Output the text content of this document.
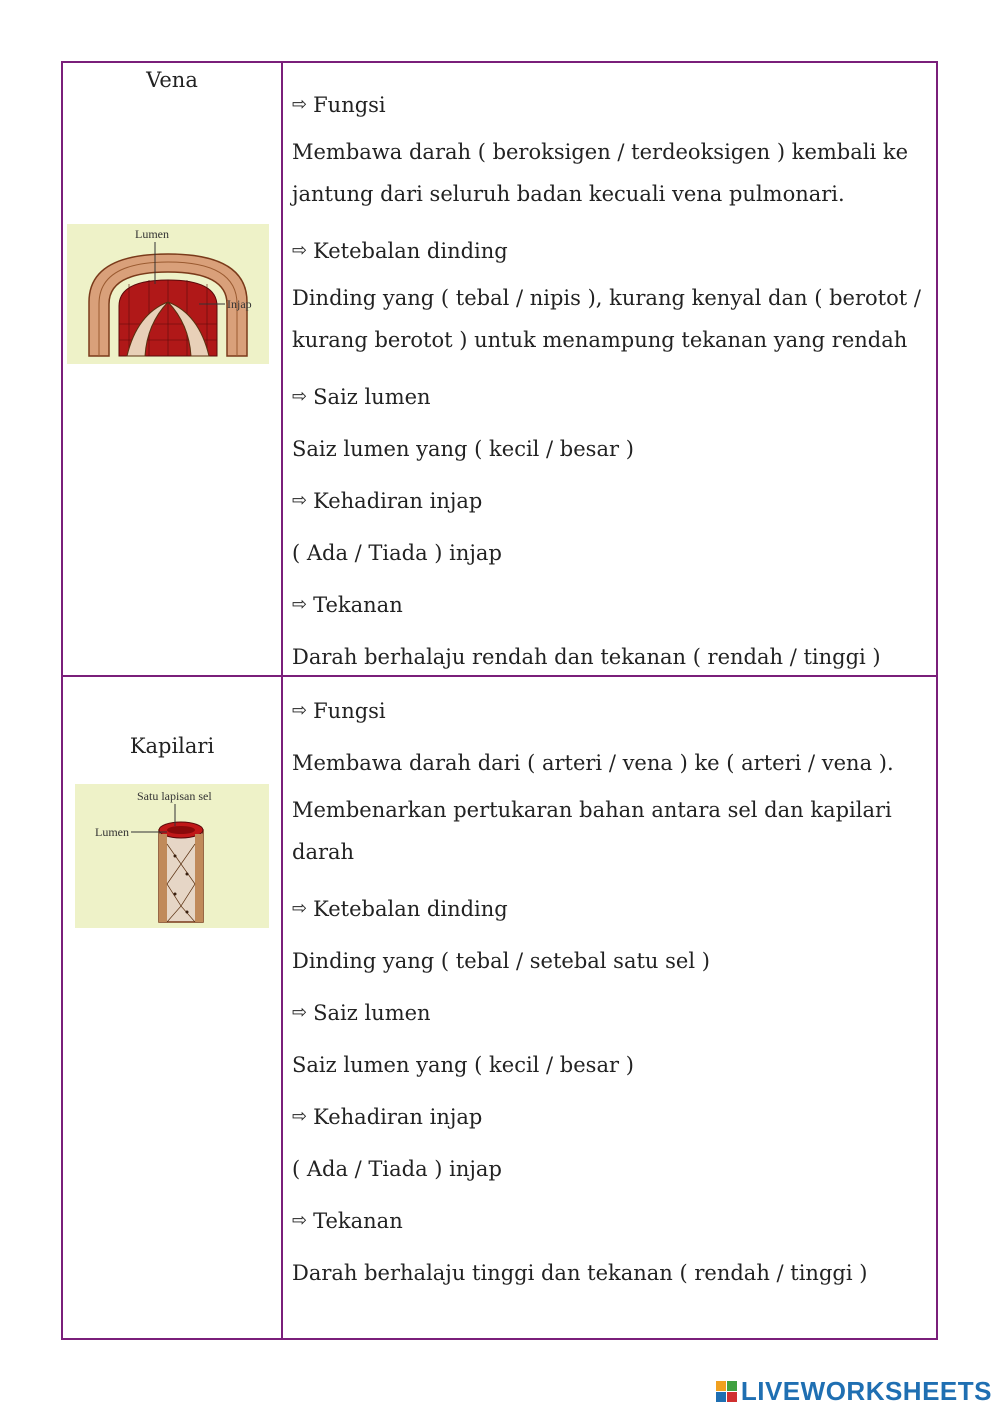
Vena
Lumen
Injap
⇨ Fungsi
Membawa darah ( beroksigen / terdeoksigen ) kembali ke
jantung dari seluruh badan kecuali vena pulmonari.
⇨ Ketebalan dinding
Dinding yang ( tebal / nipis ), kurang kenyal dan ( berotot /
kurang berotot ) untuk menampung tekanan yang rendah
⇨ Saiz lumen
Saiz lumen yang ( kecil / besar )
⇨ Kehadiran injap
( Ada / Tiada ) injap
⇨ Tekanan
Darah berhalaju rendah dan tekanan ( rendah / tinggi )
Kapilari
Satu lapisan sel
Lumen
⇨ Fungsi
Membawa darah dari ( arteri / vena ) ke ( arteri / vena ).
Membenarkan pertukaran bahan antara sel dan kapilari
darah
⇨ Ketebalan dinding
Dinding yang ( tebal / setebal satu sel )
⇨ Saiz lumen
Saiz lumen yang ( kecil / besar )
⇨ Kehadiran injap
( Ada / Tiada ) injap
⇨ Tekanan
Darah berhalaju tinggi dan tekanan ( rendah / tinggi )
LIVEWORKSHEETS
